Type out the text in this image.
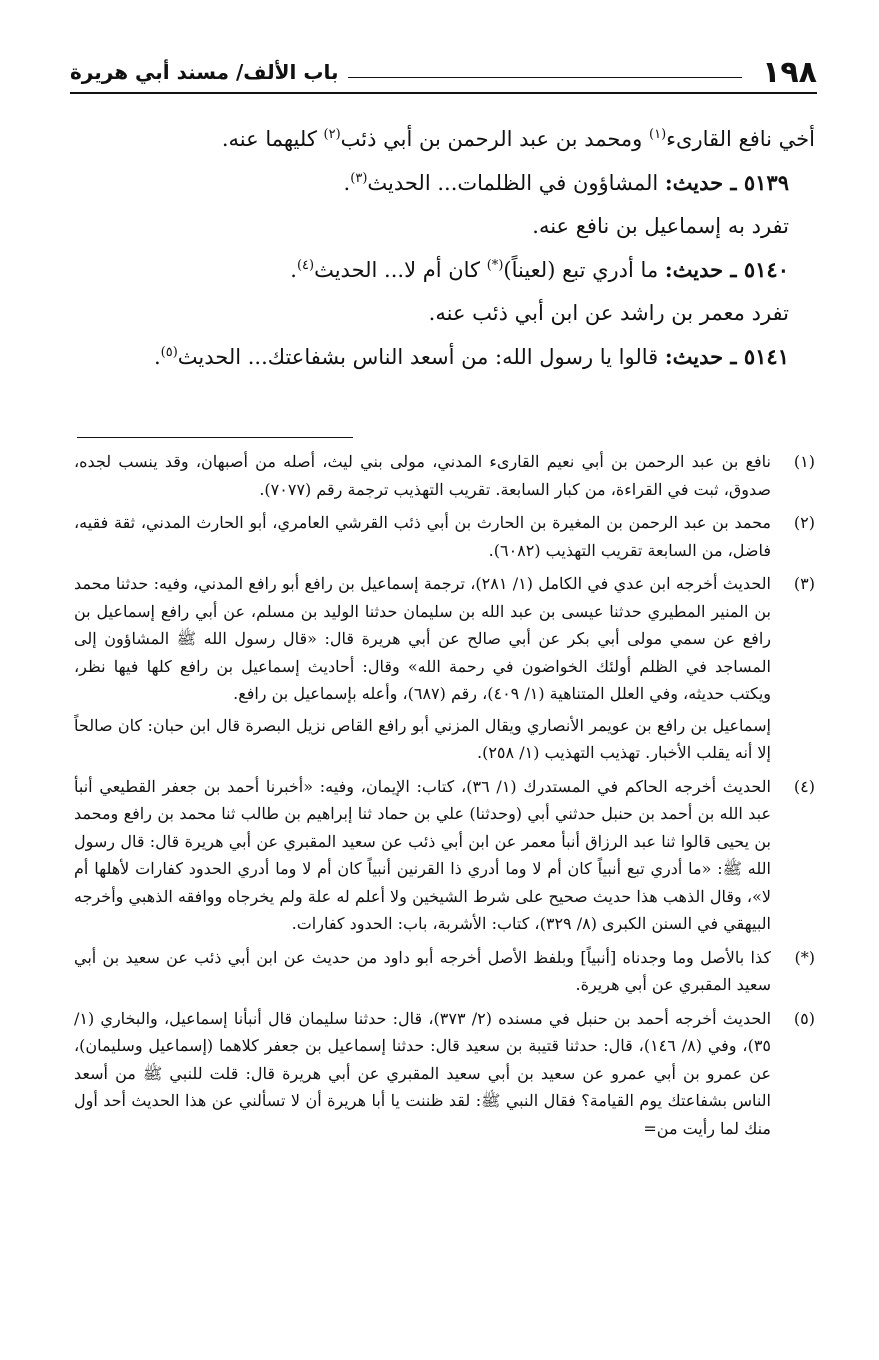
١٩٨
باب الألف/ مسند أبي هريرة

أخي نافع القارىء$^{(١)}$ ومحمد بن عبد الرحمن بن أبي ذئب$^{(٢)}$ كليهما عنه.

٥١٣٩ ـ حديث: المشاؤون في الظلمات... الحديث$^{(٣)}$.

تفرد به إسماعيل بن نافع عنه.

٥١٤٠ ـ حديث: ما أدري تبع (لعيناً)(*) كان أم لا... الحديث$^{(٤)}$.

تفرد معمر بن راشد عن ابن أبي ذئب عنه.

٥١٤١ ـ حديث: قالوا يا رسول الله: من أسعد الناس بشفاعتك... الحديث$^{(٥)}$.

(١)

نافع بن عبد الرحمن بن أبي نعيم القارىء المدني، مولى بني ليث، أصله من أصبهان، وقد ينسب لجده، صدوق، ثبت في القراءة، من كبار السابعة. تقريب التهذيب ترجمة رقم (٧٠٧٧).

(٢)

محمد بن عبد الرحمن بن المغيرة بن الحارث بن أبي ذئب القرشي العامري، أبو الحارث المدني، ثقة فقيه، فاضل، من السابعة تقريب التهذيب (٦٠٨٢).

(٣)

الحديث أخرجه ابن عدي في الكامل (١/ ٢٨١)، ترجمة إسماعيل بن رافع أبو رافع المدني، وفيه: حدثنا محمد بن المنير المطيري حدثنا عيسى بن عبد الله بن سليمان حدثنا الوليد بن مسلم، عن أبي رافع إسماعيل بن رافع عن سمي مولى أبي بكر عن أبي صالح عن أبي هريرة قال: «قال رسول الله ﷺ المشاؤون إلى المساجد في الظلم أولئك الخواضون في رحمة الله» وقال: أحاديث إسماعيل بن رافع كلها فيها نظر، ويكتب حديثه، وفي العلل المتناهية (١/ ٤٠٩)، رقم (٦٨٧)، وأعله بإسماعيل بن رافع.

إسماعيل بن رافع بن عويمر الأنصاري ويقال المزني أبو رافع القاص نزيل البصرة قال ابن حبان: كان صالحاً إلا أنه يقلب الأخبار. تهذيب التهذيب (١/ ٢٥٨).

(٤)

الحديث أخرجه الحاكم في المستدرك (١/ ٣٦)، كتاب: الإيمان، وفيه: «أخبرنا أحمد بن جعفر القطيعي أنبأ عبد الله بن أحمد بن حنبل حدثني أبي (وحدثنا) علي بن حماد ثنا إبراهيم بن طالب ثنا محمد بن رافع ومحمد بن يحيى قالوا ثنا عبد الرزاق أنبأ معمر عن ابن أبي ذئب عن سعيد المقبري عن أبي هريرة قال: قال رسول الله ﷺ: «ما أدري تبع أنبياً كان أم لا وما أدري ذا القرنين أنبياً كان أم لا وما أدري الحدود كفارات لأهلها أم لا»، وقال الذهب هذا حديث صحيح على شرط الشيخين ولا أعلم له علة ولم يخرجاه ووافقه الذهبي وأخرجه البيهقي في السنن الكبرى (٨/ ٣٢٩)، كتاب: الأشربة، باب: الحدود كفارات.

(*)

كذا بالأصل وما وجدناه [أنبياً] وبلفظ الأصل أخرجه أبو داود من حديث عن ابن أبي ذئب عن سعيد بن أبي سعيد المقبري عن أبي هريرة.

(٥)

الحديث أخرجه أحمد بن حنبل في مسنده (٢/ ٣٧٣)، قال: حدثنا سليمان قال أنبأنا إسماعيل، والبخاري (١/ ٣٥)، وفي (٨/ ١٤٦)، قال: حدثنا قتيبة بن سعيد قال: حدثنا إسماعيل بن جعفر كلاهما (إسماعيل وسليمان)، عن عمرو بن أبي عمرو عن سعيد بن أبي سعيد المقبري عن أبي هريرة قال: قلت للنبي ﷺ من أسعد الناس بشفاعتك يوم القيامة؟ فقال النبي ﷺ: لقد ظننت يا أبا هريرة أن لا تسألني عن هذا الحديث أحد أول منك لما رأيت من=
